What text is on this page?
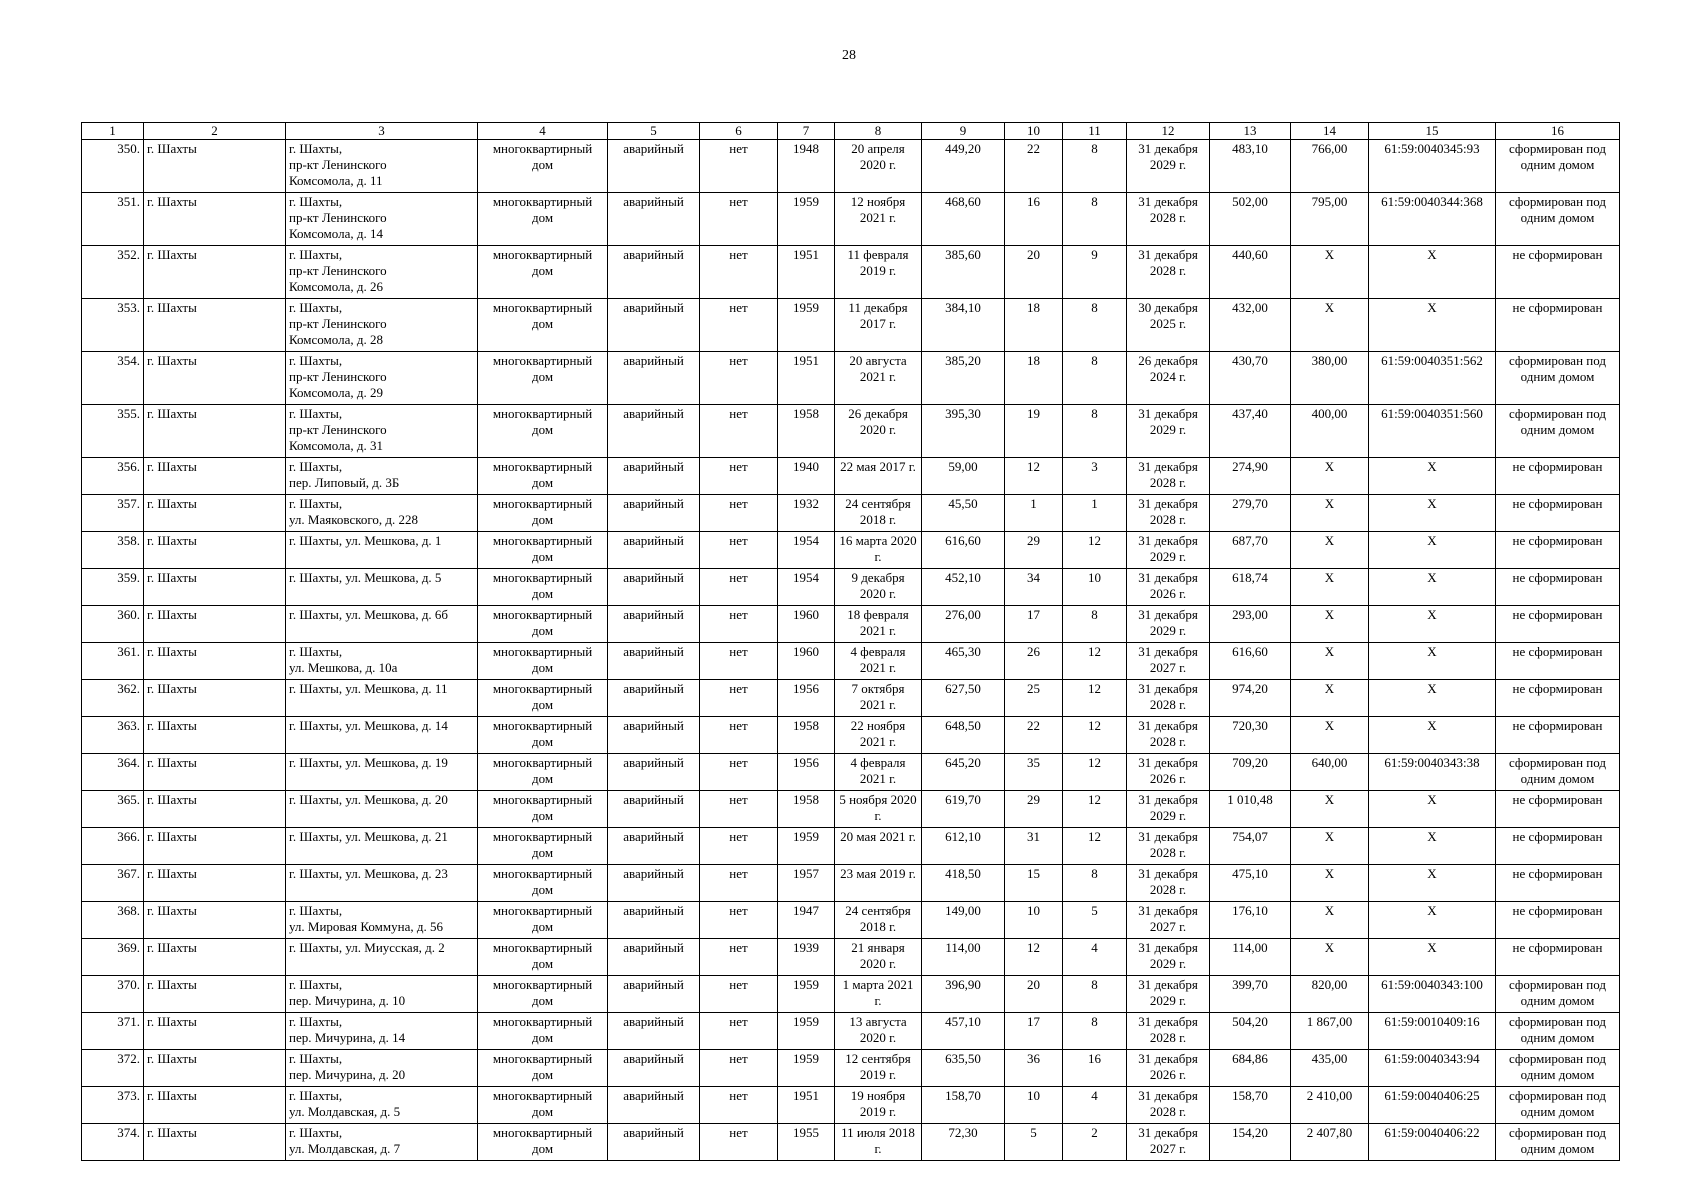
28
1	2	3	4	5	6	7	8	9	10	11	12	13	14	15	16
350.	г. Шахты	г. Шахты,
пр-кт Ленинского
Комсомола, д. 11	многоквартирный дом	аварийный	нет	1948	20 апреля 2020 г.	449,20	22	8	31 декабря 2029 г.	483,10	766,00	61:59:0040345:93	сформирован под одним домом
351.	г. Шахты	г. Шахты,
пр-кт Ленинского
Комсомола, д. 14	многоквартирный дом	аварийный	нет	1959	12 ноября 2021 г.	468,60	16	8	31 декабря 2028 г.	502,00	795,00	61:59:0040344:368	сформирован под одним домом
352.	г. Шахты	г. Шахты,
пр-кт Ленинского
Комсомола, д. 26	многоквартирный дом	аварийный	нет	1951	11 февраля 2019 г.	385,60	20	9	31 декабря 2028 г.	440,60	X	X	не сформирован
353.	г. Шахты	г. Шахты,
пр-кт Ленинского
Комсомола, д. 28	многоквартирный дом	аварийный	нет	1959	11 декабря 2017 г.	384,10	18	8	30 декабря 2025 г.	432,00	X	X	не сформирован
354.	г. Шахты	г. Шахты,
пр-кт Ленинского
Комсомола, д. 29	многоквартирный дом	аварийный	нет	1951	20 августа 2021 г.	385,20	18	8	26 декабря 2024 г.	430,70	380,00	61:59:0040351:562	сформирован под одним домом
355.	г. Шахты	г. Шахты,
пр-кт Ленинского
Комсомола, д. 31	многоквартирный дом	аварийный	нет	1958	26 декабря 2020 г.	395,30	19	8	31 декабря 2029 г.	437,40	400,00	61:59:0040351:560	сформирован под одним домом
356.	г. Шахты	г. Шахты,
пер. Липовый, д. 3Б	многоквартирный дом	аварийный	нет	1940	22 мая 2017 г.	59,00	12	3	31 декабря 2028 г.	274,90	X	X	не сформирован
357.	г. Шахты	г. Шахты,
ул. Маяковского, д. 228	многоквартирный дом	аварийный	нет	1932	24 сентября 2018 г.	45,50	1	1	31 декабря 2028 г.	279,70	X	X	не сформирован
358.	г. Шахты	г. Шахты, ул. Мешкова, д. 1	многоквартирный дом	аварийный	нет	1954	16 марта 2020 г.	616,60	29	12	31 декабря 2029 г.	687,70	X	X	не сформирован
359.	г. Шахты	г. Шахты, ул. Мешкова, д. 5	многоквартирный дом	аварийный	нет	1954	9 декабря 2020 г.	452,10	34	10	31 декабря 2026 г.	618,74	X	X	не сформирован
360.	г. Шахты	г. Шахты, ул. Мешкова, д. 6б	многоквартирный дом	аварийный	нет	1960	18 февраля 2021 г.	276,00	17	8	31 декабря 2029 г.	293,00	X	X	не сформирован
361.	г. Шахты	г. Шахты,
ул. Мешкова, д. 10а	многоквартирный дом	аварийный	нет	1960	4 февраля 2021 г.	465,30	26	12	31 декабря 2027 г.	616,60	X	X	не сформирован
362.	г. Шахты	г. Шахты, ул. Мешкова, д. 11	многоквартирный дом	аварийный	нет	1956	7 октября 2021 г.	627,50	25	12	31 декабря 2028 г.	974,20	X	X	не сформирован
363.	г. Шахты	г. Шахты, ул. Мешкова, д. 14	многоквартирный дом	аварийный	нет	1958	22 ноября 2021 г.	648,50	22	12	31 декабря 2028 г.	720,30	X	X	не сформирован
364.	г. Шахты	г. Шахты, ул. Мешкова, д. 19	многоквартирный дом	аварийный	нет	1956	4 февраля 2021 г.	645,20	35	12	31 декабря 2026 г.	709,20	640,00	61:59:0040343:38	сформирован под одним домом
365.	г. Шахты	г. Шахты, ул. Мешкова, д. 20	многоквартирный дом	аварийный	нет	1958	5 ноября 2020 г.	619,70	29	12	31 декабря 2029 г.	1 010,48	X	X	не сформирован
366.	г. Шахты	г. Шахты, ул. Мешкова, д. 21	многоквартирный дом	аварийный	нет	1959	20 мая 2021 г.	612,10	31	12	31 декабря 2028 г.	754,07	X	X	не сформирован
367.	г. Шахты	г. Шахты, ул. Мешкова, д. 23	многоквартирный дом	аварийный	нет	1957	23 мая 2019 г.	418,50	15	8	31 декабря 2028 г.	475,10	X	X	не сформирован
368.	г. Шахты	г. Шахты,
ул. Мировая Коммуна, д. 56	многоквартирный дом	аварийный	нет	1947	24 сентября 2018 г.	149,00	10	5	31 декабря 2027 г.	176,10	X	X	не сформирован
369.	г. Шахты	г. Шахты, ул. Миусская, д. 2	многоквартирный дом	аварийный	нет	1939	21 января 2020 г.	114,00	12	4	31 декабря 2029 г.	114,00	X	X	не сформирован
370.	г. Шахты	г. Шахты,
пер. Мичурина, д. 10	многоквартирный дом	аварийный	нет	1959	1 марта 2021 г.	396,90	20	8	31 декабря 2029 г.	399,70	820,00	61:59:0040343:100	сформирован под одним домом
371.	г. Шахты	г. Шахты,
пер. Мичурина, д. 14	многоквартирный дом	аварийный	нет	1959	13 августа 2020 г.	457,10	17	8	31 декабря 2028 г.	504,20	1 867,00	61:59:0010409:16	сформирован под одним домом
372.	г. Шахты	г. Шахты,
пер. Мичурина, д. 20	многоквартирный дом	аварийный	нет	1959	12 сентября 2019 г.	635,50	36	16	31 декабря 2026 г.	684,86	435,00	61:59:0040343:94	сформирован под одним домом
373.	г. Шахты	г. Шахты,
ул. Молдавская, д. 5	многоквартирный дом	аварийный	нет	1951	19 ноября 2019 г.	158,70	10	4	31 декабря 2028 г.	158,70	2 410,00	61:59:0040406:25	сформирован под одним домом
374.	г. Шахты	г. Шахты,
ул. Молдавская, д. 7	многоквартирный дом	аварийный	нет	1955	11 июля 2018 г.	72,30	5	2	31 декабря 2027 г.	154,20	2 407,80	61:59:0040406:22	сформирован под одним домом
